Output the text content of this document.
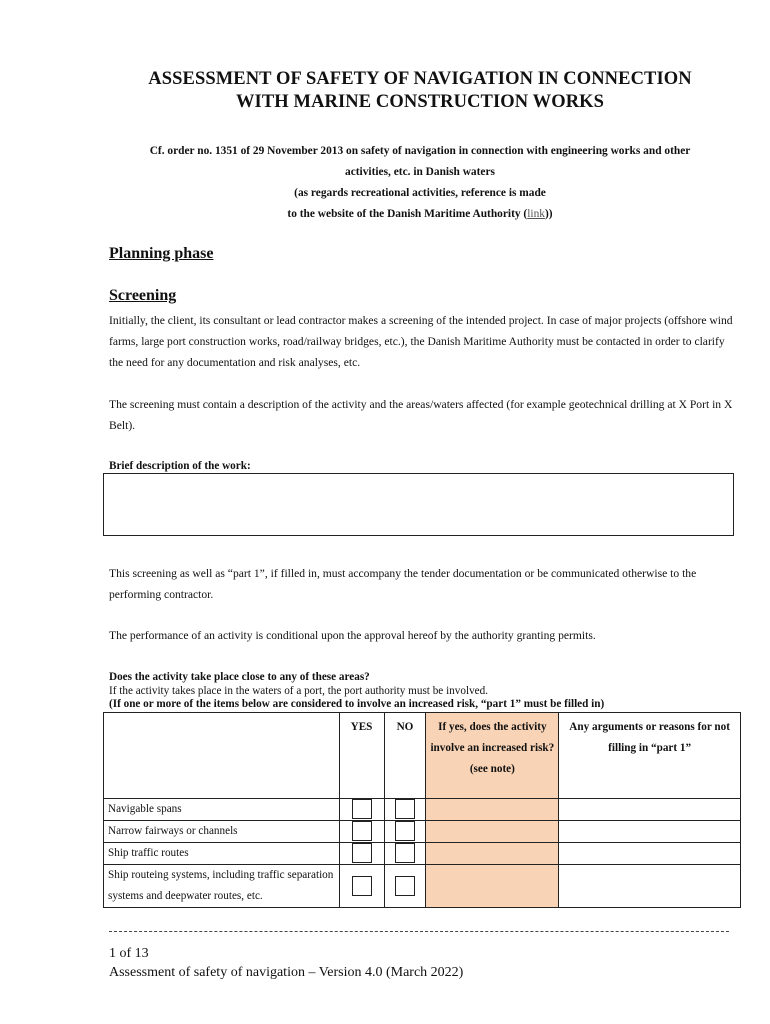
ASSESSMENT OF SAFETY OF NAVIGATION IN CONNECTION
WITH MARINE CONSTRUCTION WORKS
Cf. order no. 1351 of 29 November 2013 on safety of navigation in connection with engineering works and other
activities, etc. in Danish waters
(as regards recreational activities, reference is made
to the website of the Danish Maritime Authority (link))
Planning phase
Screening
Initially, the client, its consultant or lead contractor makes a screening of the intended project. In case of major projects (offshore wind farms, large port construction works, road/railway bridges, etc.), the Danish Maritime Authority must be contacted in order to clarify the need for any documentation and risk analyses, etc.
The screening must contain a description of the activity and the areas/waters affected (for example geotechnical drilling at X Port in X Belt).
Brief description of the work:
This screening as well as “part 1”, if filled in, must accompany the tender documentation or be communicated otherwise to the performing contractor.
The performance of an activity is conditional upon the approval hereof by the authority granting permits.
Does the activity take place close to any of these areas?
If the activity takes place in the waters of a port, the port authority must be involved.
(If one or more of the items below are considered to involve an increased risk, “part 1” must be filled in)
	YES	NO	If yes, does the activity involve an increased risk? (see note)	Any arguments or reasons for not filling in “part 1”
Navigable spans				
Narrow fairways or channels				
Ship traffic routes				
Ship routeing systems, including traffic separation systems and deepwater routes, etc.				
1 of 13
Assessment of safety of navigation – Version 4.0 (March 2022)
